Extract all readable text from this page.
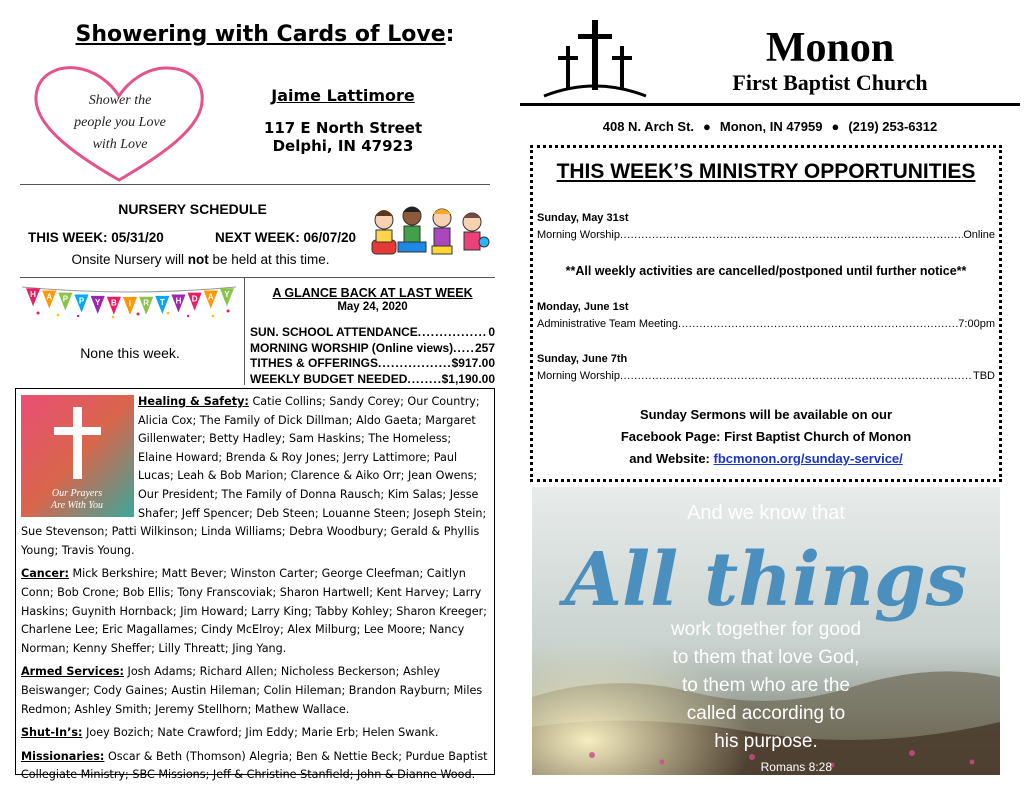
Showering with Cards of Love:
Shower the
people you Love
with Love
Jaime Lattimore
117 E North Street
Delphi, IN 47923
NURSERY SCHEDULE
THIS WEEK: 05/31/20	NEXT WEEK: 06/07/20
Onsite Nursery will not be held at this time.
H A P P Y B I R T H D A Y
None this week.
A GLANCE BACK AT LAST WEEK
May 24, 2020
SUN. SCHOOL ATTENDANCE .....	0
MORNING WORSHIP (Online views) ..... 257
TITHES & OFFERINGS .....	$917.00
WEEKLY BUDGET NEEDED .....	$1,190.00
Our Prayers
Are With You

Healing & Safety: Catie Collins; Sandy Corey; Our Country; Alicia Cox; The Family of Dick Dillman; Aldo Gaeta; Margaret Gillenwater; Betty Hadley; Sam Haskins; The Homeless; Elaine Howard; Brenda & Roy Jones; Jerry Lattimore; Paul Lucas; Leah & Bob Marion; Clarence & Aiko Orr; Jean Owens; Our President; The Family of Donna Rausch; Kim Salas; Jesse Shafer; Jeff Spencer; Deb Steen; Louanne Steen; Joseph Stein; Sue Stevenson; Patti Wilkinson; Linda Williams; Debra Woodbury; Gerald & Phyllis Young; Travis Young.

Cancer: Mick Berkshire; Matt Bever; Winston Carter; George Cleefman; Caitlyn Conn; Bob Crone; Bob Ellis; Tony Franscoviak; Sharon Hartwell; Kent Harvey; Larry Haskins; Guynith Hornback; Jim Howard; Larry King; Tabby Kohley; Sharon Kreeger; Charlene Lee; Eric Magallames; Cindy McElroy; Alex Milburg; Lee Moore; Nancy Norman; Kenny Sheffer; Lilly Threatt; Jing Yang.

Armed Services: Josh Adams; Richard Allen; Nicholess Beckerson; Ashley Beiswanger; Cody Gaines; Austin Hileman; Colin Hileman; Brandon Rayburn; Miles Redmon; Ashley Smith; Jeremy Stellhorn; Mathew Wallace.

Shut-In’s: Joey Bozich; Nate Crawford; Jim Eddy; Marie Erb; Helen Swank.

Missionaries: Oscar & Beth (Thomson) Alegria; Ben & Nettie Beck; Purdue Baptist Collegiate Ministry; SBC Missions; Jeff & Christine Stanfield; John & Dianne Wood.

Monon
First Baptist Church
408 N. Arch St. ● Monon, IN 47959 ● (219) 253-6312
THIS WEEK’S MINISTRY OPPORTUNITIES
Sunday, May 31st
Morning Worship .....	Online
**All weekly activities are cancelled/postponed until further notice**
Monday, June 1st
Administrative Team Meeting .....	7:00pm
Sunday, June 7th
Morning Worship .....	TBD
Sunday Sermons will be available on our
Facebook Page: First Baptist Church of Monon
and Website: fbcmonon.org/sunday-service/
And we know that
All things
work together for good
to them that love God,
to them who are the
called according to
his purpose.
Romans 8:28
